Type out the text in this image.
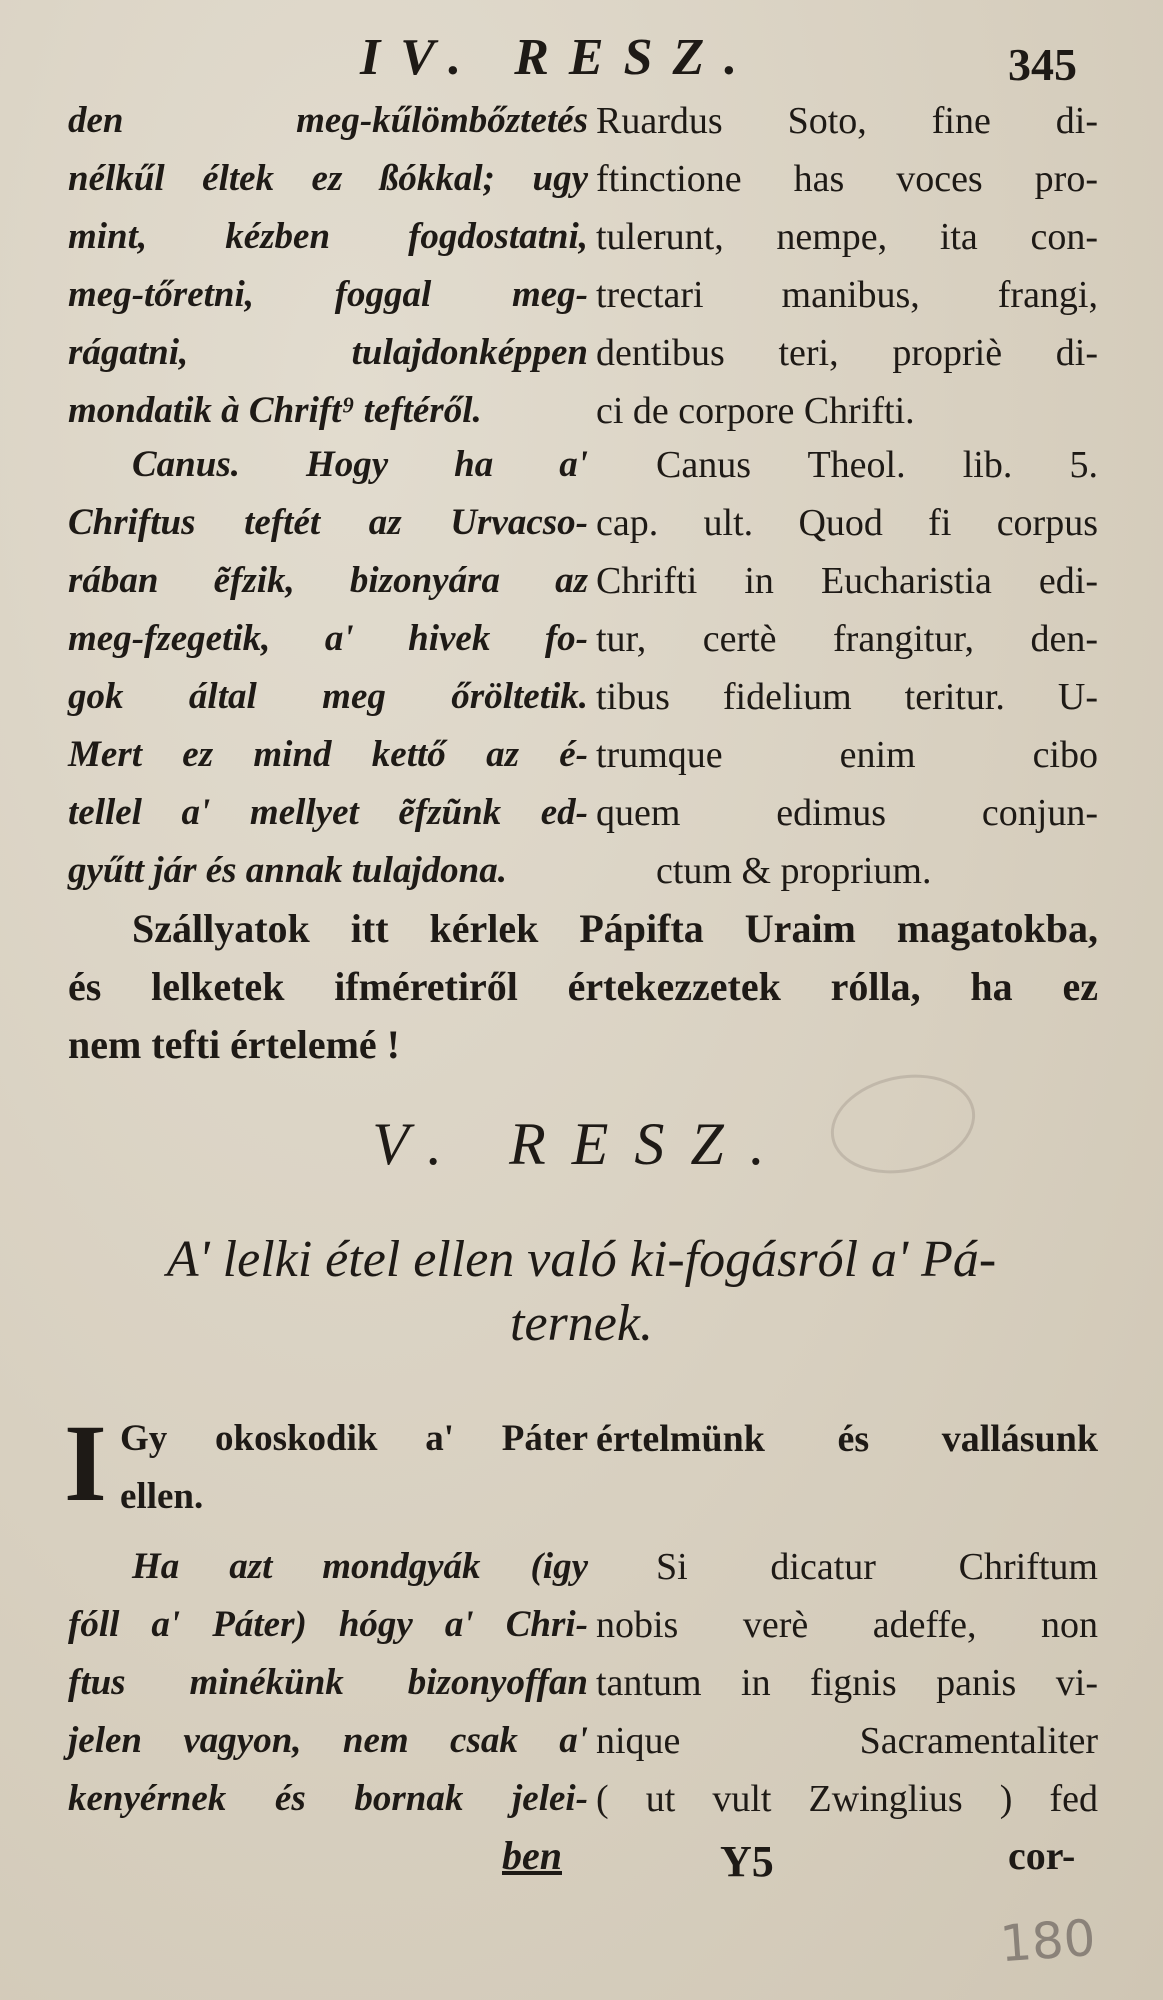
IV. RESZ.	345
den meg-kűlömbőztetés
nélkűl éltek ez ßókkal; ugy
mint, kézben fogdostatni,
meg-tőretni, foggal meg-
rágatni, tulajdonképpen
mondatik à Chrift⁹ teftéről.
Ruardus Soto, fine di-
ftinctione has voces pro-
tulerunt, nempe, ita con-
trectari manibus, frangi,
dentibus teri, propriè di-
ci de corpore Chrifti.
Canus. Hogy ha a'
Chriftus teftét az Urvacso-
rában ẽfzik, bizonyára az
meg-fzegetik, a' hivek fo-
gok által meg őröltetik.
Mert ez mind kettő az é-
tellel a' mellyet ẽfzũnk ed-
gyűtt jár és annak tulajdona.
Canus Theol. lib. 5.
cap. ult. Quod fi corpus
Chrifti in Eucharistia edi-
tur, certè frangitur, den-
tibus fidelium teritur. U-
trumque enim cibo
quem edimus conjun-
ctum & proprium.
Szállyatok itt kérlek Pápifta Uraim magatokba,
és lelketek ifméretiről értekezzetek rólla, ha ez
nem tefti értelemé !
V. RESZ.
A' lelki étel ellen való ki-fogásról a' Pá-
ternek.
I Gy okoskodik a' Páter
ellen.
értelmünk és vallásunk
Ha azt mondgyák (igy
fóll a' Páter) hógy a' Chri-
ftus minékünk bizonyoffan
jelen vagyon, nem csak a'
kenyérnek és bornak jelei-
Si dicatur Chriftum
nobis verè adeffe, non
tantum in fignis panis vi-
nique Sacramentaliter
( ut vult Zwinglius ) fed
ben	Y5	cor-
180
